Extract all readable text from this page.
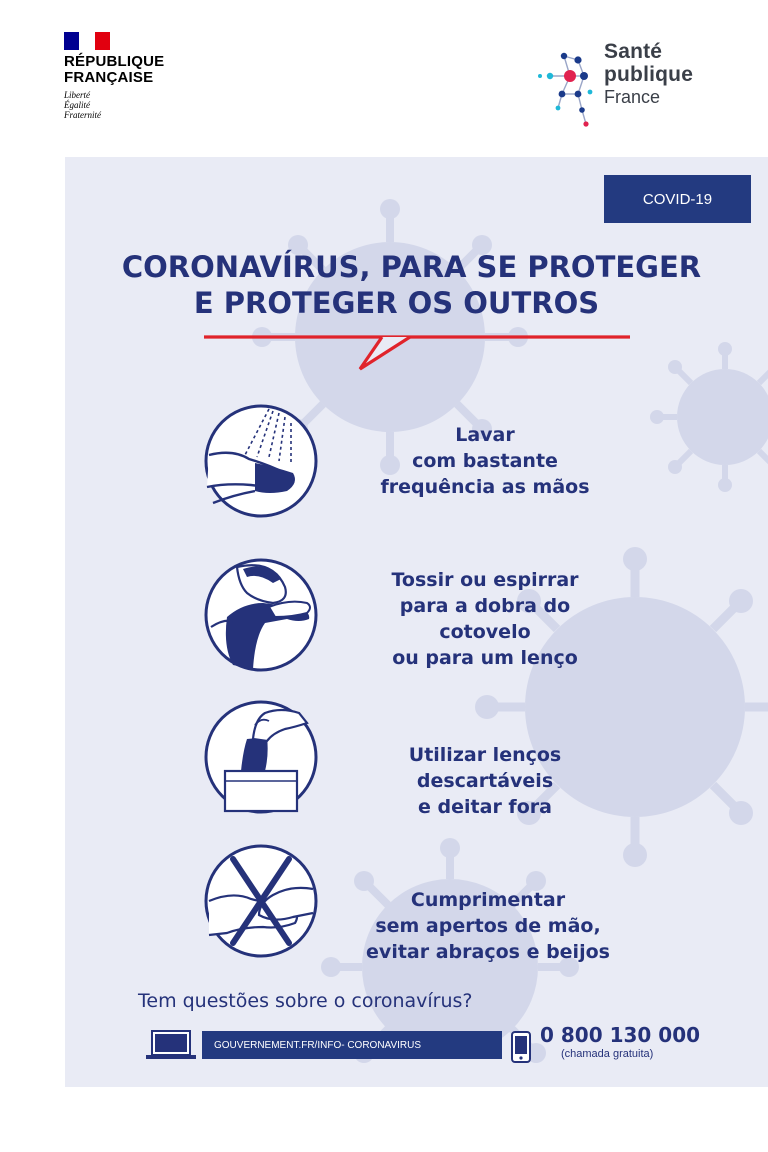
RÉPUBLIQUE
FRANÇAISE
Liberté
Égalité
Fraternité
Santé
publique
France
COVID-19
CORONAVÍRUS, PARA SE PROTEGER
E PROTEGER OS OUTROS
Lavar
com bastante
frequência as mãos
Tossir ou espirrar
para a dobra do
cotovelo
ou para um lenço
Utilizar lenços
descartáveis
e deitar fora
Cumprimentar
sem apertos de mão,
evitar abraços e beijos
Tem questões sobre o coronavírus?
GOUVERNEMENT.FR/INFO- CORONAVIRUS	0 800 130 000
(chamada gratuita)
